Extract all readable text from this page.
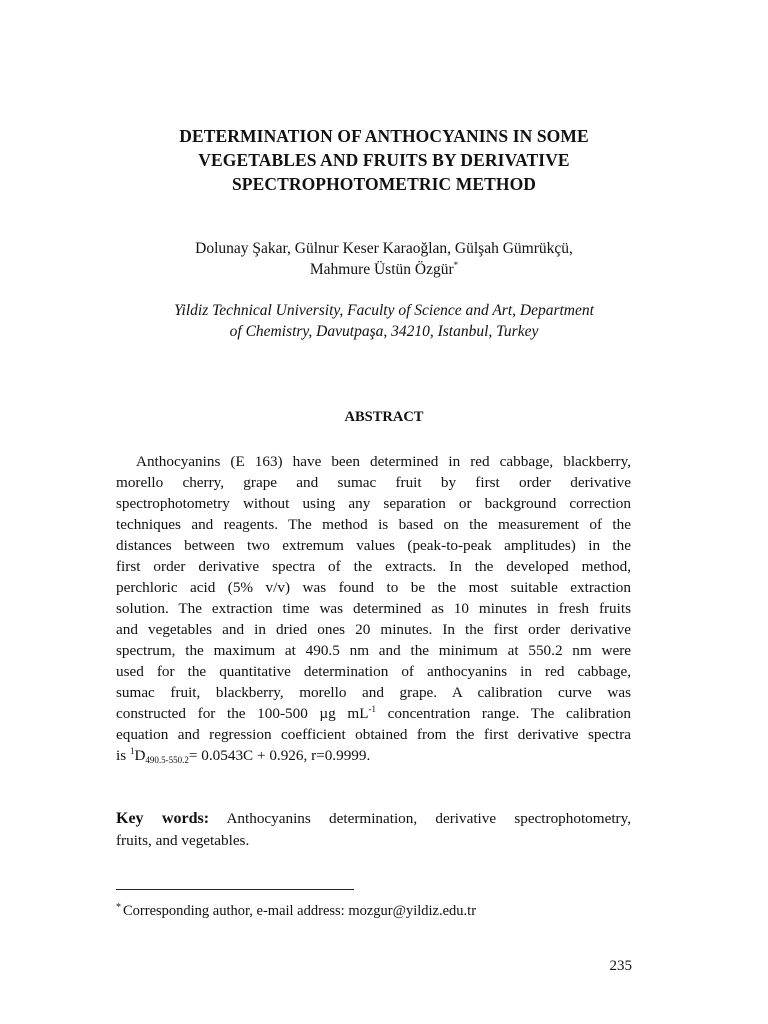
DETERMINATION OF ANTHOCYANINS IN SOME
VEGETABLES AND FRUITS BY DERIVATIVE
SPECTROPHOTOMETRIC METHOD
Dolunay Şakar, Gülnur Keser Karaoğlan, Gülşah Gümrükçü,
Mahmure Üstün Özgür*
Yildiz Technical University, Faculty of Science and Art, Department
of Chemistry, Davutpaşa, 34210, Istanbul, Turkey
ABSTRACT
Anthocyanins (E 163) have been determined in red cabbage, blackberry,
morello cherry, grape and sumac fruit by first order derivative
spectrophotometry without using any separation or background correction
techniques and reagents. The method is based on the measurement of the
distances between two extremum values (peak-to-peak amplitudes) in the
first order derivative spectra of the extracts. In the developed method,
perchloric acid (5% v/v) was found to be the most suitable extraction
solution. The extraction time was determined as 10 minutes in fresh fruits
and vegetables and in dried ones 20 minutes. In the first order derivative
spectrum, the maximum at 490.5 nm and the minimum at 550.2 nm were
used for the quantitative determination of anthocyanins in red cabbage,
sumac fruit, blackberry, morello and grape. A calibration curve was
constructed for the 100-500 µg $mL^{-1}$ concentration range. The calibration
equation and regression coefficient obtained from the first derivative spectra
is $^1D_{490.5-550.2}= 0.0543C + 0.926$, r=0.9999.
Key words: Anthocyanins determination, derivative spectrophotometry,
fruits, and vegetables.
* Corresponding author, e-mail address: mozgur@yildiz.edu.tr
235
